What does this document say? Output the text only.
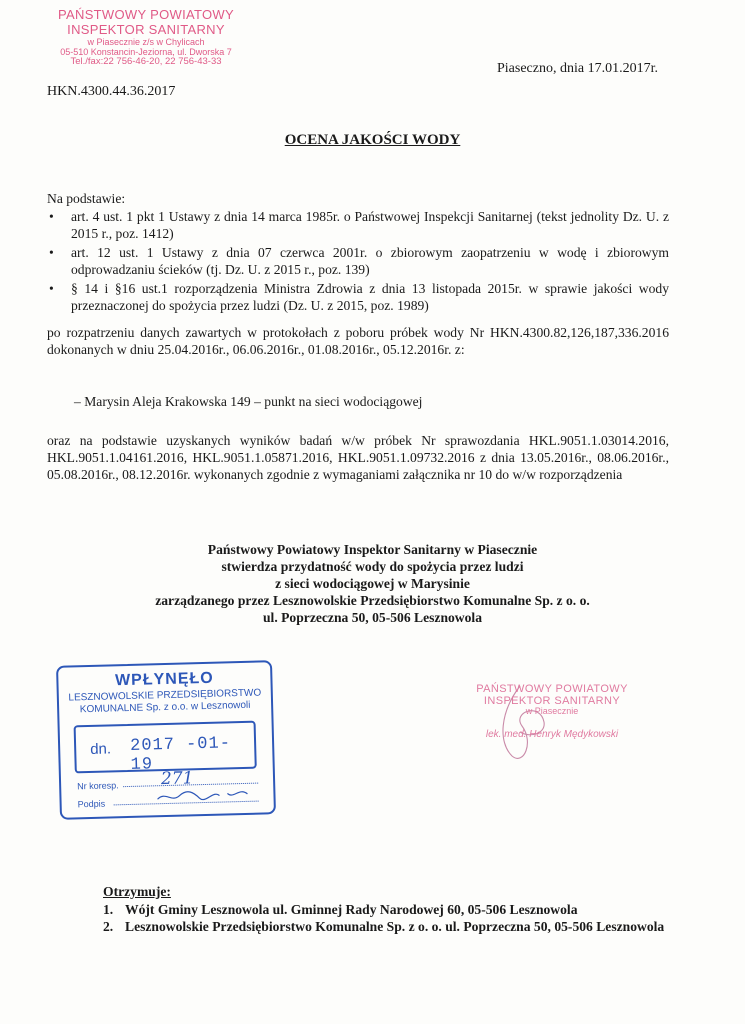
PAŃSTWOWY POWIATOWY
INSPEKTOR SANITARNY
w Piasecznie z/s w Chylicach
05-510 Konstancin-Jeziorna, ul. Dworska 7
Tel./fax:22 756-46-20, 22 756-43-33	Piaseczno, dnia 17.01.2017r.
HKN.4300.44.36.2017
OCENA JAKOŚCI WODY
Na podstawie:
• art. 4 ust. 1 pkt 1 Ustawy z dnia 14 marca 1985r. o Państwowej Inspekcji Sanitarnej (tekst jednolity Dz. U. z 2015 r., poz. 1412)
• art. 12 ust. 1 Ustawy z dnia 07 czerwca 2001r. o zbiorowym zaopatrzeniu w wodę i zbiorowym odprowadzaniu ścieków (tj. Dz. U. z 2015 r., poz. 139)
• § 14 i §16 ust.1 rozporządzenia Ministra Zdrowia z dnia 13 listopada 2015r. w sprawie jakości wody przeznaczonej do spożycia przez ludzi (Dz. U. z 2015, poz. 1989)
po rozpatrzeniu danych zawartych w protokołach z poboru próbek wody Nr HKN.4300.82,126,187,336.2016 dokonanych w dniu 25.04.2016r., 06.06.2016r., 01.08.2016r., 05.12.2016r. z:
– Marysin Aleja Krakowska 149 – punkt na sieci wodociągowej
oraz na podstawie uzyskanych wyników badań w/w próbek Nr sprawozdania HKL.9051.1.03014.2016, HKL.9051.1.04161.2016, HKL.9051.1.05871.2016, HKL.9051.1.09732.2016 z dnia 13.05.2016r., 08.06.2016r., 05.08.2016r., 08.12.2016r. wykonanych zgodnie z wymaganiami załącznika nr 10 do w/w rozporządzenia
Państwowy Powiatowy Inspektor Sanitarny w Piasecznie
stwierdza przydatność wody do spożycia przez ludzi
z sieci wodociągowej w Marysinie
zarządzanego przez Lesznowolskie Przedsiębiorstwo Komunalne Sp. z o. o.
ul. Poprzeczna 50, 05-506 Lesznowola
WPŁYNĘŁO
LESZNOWOLSKIE PRZEDSIĘBIORSTWO
KOMUNALNE Sp. z o.o. w Lesznowoli
dn. 2017 -01- 19
Nr koresp. 271
Podpis
PAŃSTWOWY POWIATOWY
INSPEKTOR SANITARNY
w Piasecznie
lek. med. Henryk Mędykowski
Otrzymuje:
1. Wójt Gminy Lesznowola ul. Gminnej Rady Narodowej 60, 05-506 Lesznowola
2. Lesznowolskie Przedsiębiorstwo Komunalne Sp. z o. o. ul. Poprzeczna 50, 05-506 Lesznowola
